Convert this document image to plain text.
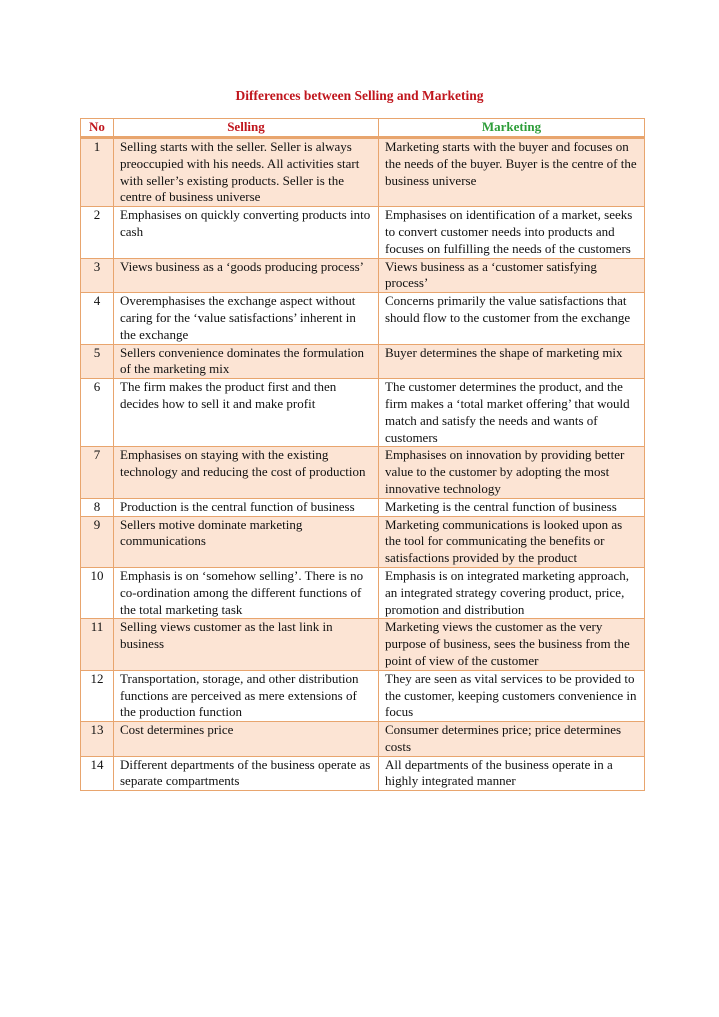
Differences between Selling and Marketing
No	Selling	Marketing
1	Selling starts with the seller. Seller is always preoccupied with his needs. All activities start with seller’s existing products. Seller is the centre of business universe	Marketing starts with the buyer and focuses on the needs of the buyer. Buyer is the centre of the business universe
2	Emphasises on quickly converting products into cash	Emphasises on identification of a market, seeks to convert customer needs into products and focuses on fulfilling the needs of the customers
3	Views business as a ‘goods producing process’	Views business as a ‘customer satisfying process’
4	Overemphasises the exchange aspect without caring for the ‘value satisfactions’ inherent in the exchange	Concerns primarily the value satisfactions that should flow to the customer from the exchange
5	Sellers convenience dominates the formulation of the marketing mix	Buyer determines the shape of marketing mix
6	The firm makes the product first and then decides how to sell it and make profit	The customer determines the product, and the firm makes a ‘total market offering’ that would match and satisfy the needs and wants of customers
7	Emphasises on staying with the existing technology and reducing the cost of production	Emphasises on innovation by providing better value to the customer by adopting the most innovative technology
8	Production is the central function of business	Marketing is the central function of business
9	Sellers motive dominate marketing communications	Marketing communications is looked upon as the tool for communicating the benefits or satisfactions provided by the product
10	Emphasis is on ‘somehow selling’. There is no co-ordination among the different functions of the total marketing task	Emphasis is on integrated marketing approach, an integrated strategy covering product, price, promotion and distribution
11	Selling views customer as the last link in business	Marketing views the customer as the very purpose of business, sees the business from the point of view of the customer
12	Transportation, storage, and other distribution functions are perceived as mere extensions of the production function	They are seen as vital services to be provided to the customer, keeping customers convenience in focus
13	Cost determines price	Consumer determines price; price determines costs
14	Different departments of the business operate as separate compartments	All departments of the business operate in a highly integrated manner
